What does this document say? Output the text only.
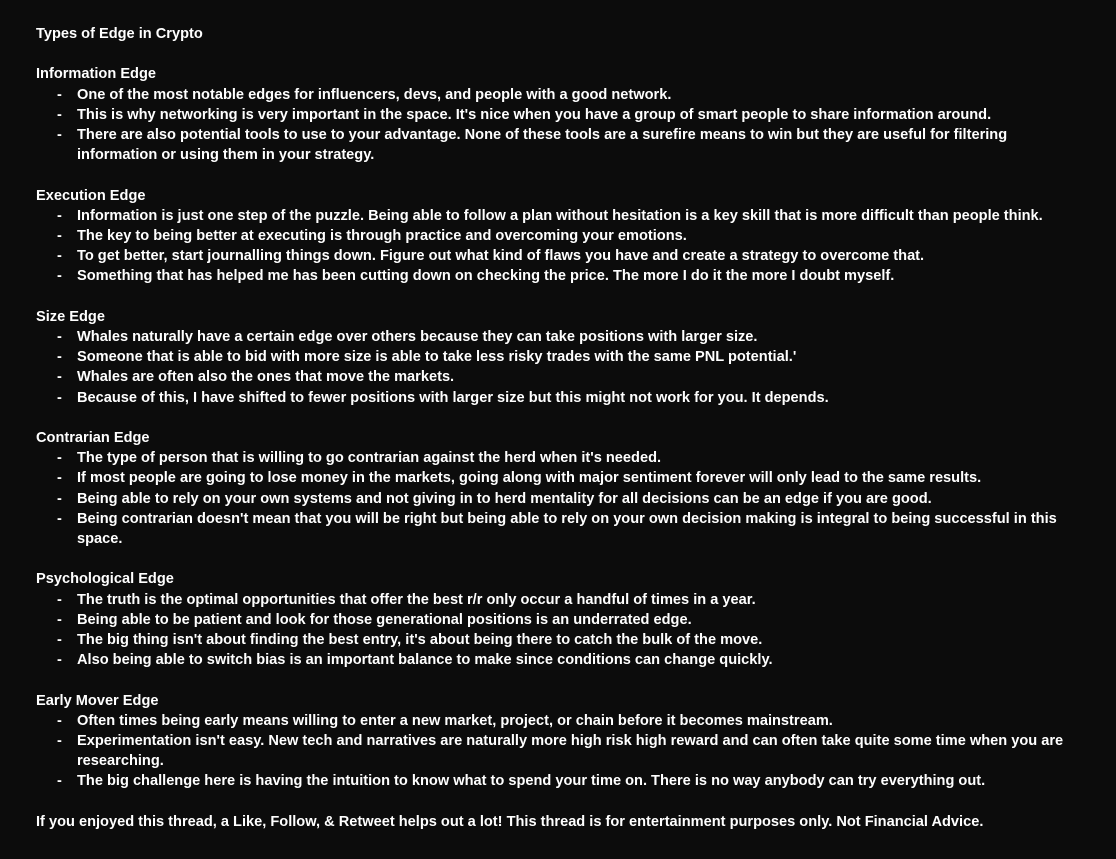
Types of Edge in Crypto

Information Edge

- One of the most notable edges for influencers, devs, and people with a good network.
- This is why networking is very important in the space. It's nice when you have a group of smart people to share information around.
- There are also potential tools to use to your advantage. None of these tools are a surefire means to win but they are useful for filtering information or using them in your strategy.

Execution Edge

- Information is just one step of the puzzle. Being able to follow a plan without hesitation is a key skill that is more difficult than people think.
- The key to being better at executing is through practice and overcoming your emotions.
- To get better, start journalling things down. Figure out what kind of flaws you have and create a strategy to overcome that.
- Something that has helped me has been cutting down on checking the price. The more I do it the more I doubt myself.

Size Edge

- Whales naturally have a certain edge over others because they can take positions with larger size.
- Someone that is able to bid with more size is able to take less risky trades with the same PNL potential.'
- Whales are often also the ones that move the markets.
- Because of this, I have shifted to fewer positions with larger size but this might not work for you. It depends.

Contrarian Edge

- The type of person that is willing to go contrarian against the herd when it's needed.
- If most people are going to lose money in the markets, going along with major sentiment forever will only lead to the same results.
- Being able to rely on your own systems and not giving in to herd mentality for all decisions can be an edge if you are good.
- Being contrarian doesn't mean that you will be right but being able to rely on your own decision making is integral to being successful in this space.

Psychological Edge

- The truth is the optimal opportunities that offer the best r/r only occur a handful of times in a year.
- Being able to be patient and look for those generational positions is an underrated edge.
- The big thing isn't about finding the best entry, it's about being there to catch the bulk of the move.
- Also being able to switch bias is an important balance to make since conditions can change quickly.

Early Mover Edge

- Often times being early means willing to enter a new market, project, or chain before it becomes mainstream.
- Experimentation isn't easy. New tech and narratives are naturally more high risk high reward and can often take quite some time when you are researching.
- The big challenge here is having the intuition to know what to spend your time on. There is no way anybody can try everything out.

If you enjoyed this thread, a Like, Follow, & Retweet helps out a lot! This thread is for entertainment purposes only. Not Financial Advice.
